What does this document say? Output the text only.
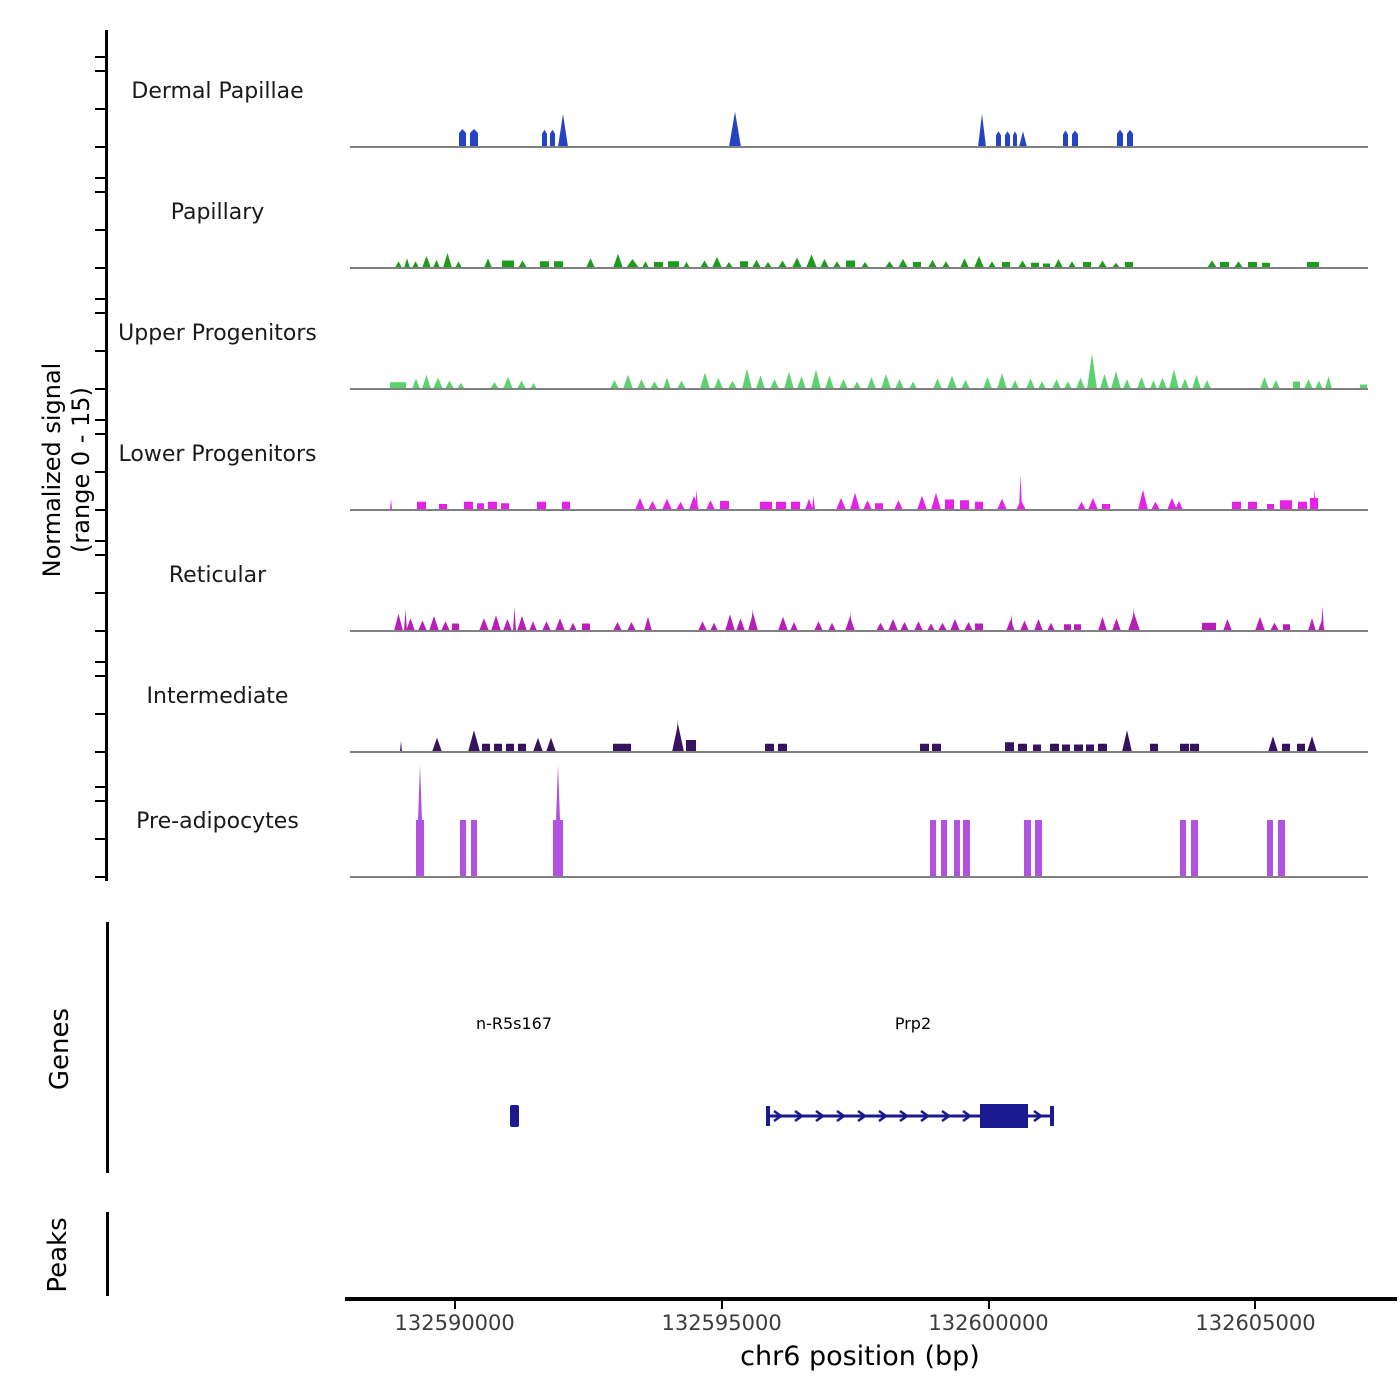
Normalized signal (range 0 - 15)
Dermal Papillae
Papillary
Upper Progenitors
Lower Progenitors
Reticular
Intermediate
Pre-adipocytes
Genes	n-R5s167	Prp2
Peaks
132590000	132595000	132600000	132605000
chr6 position (bp)
